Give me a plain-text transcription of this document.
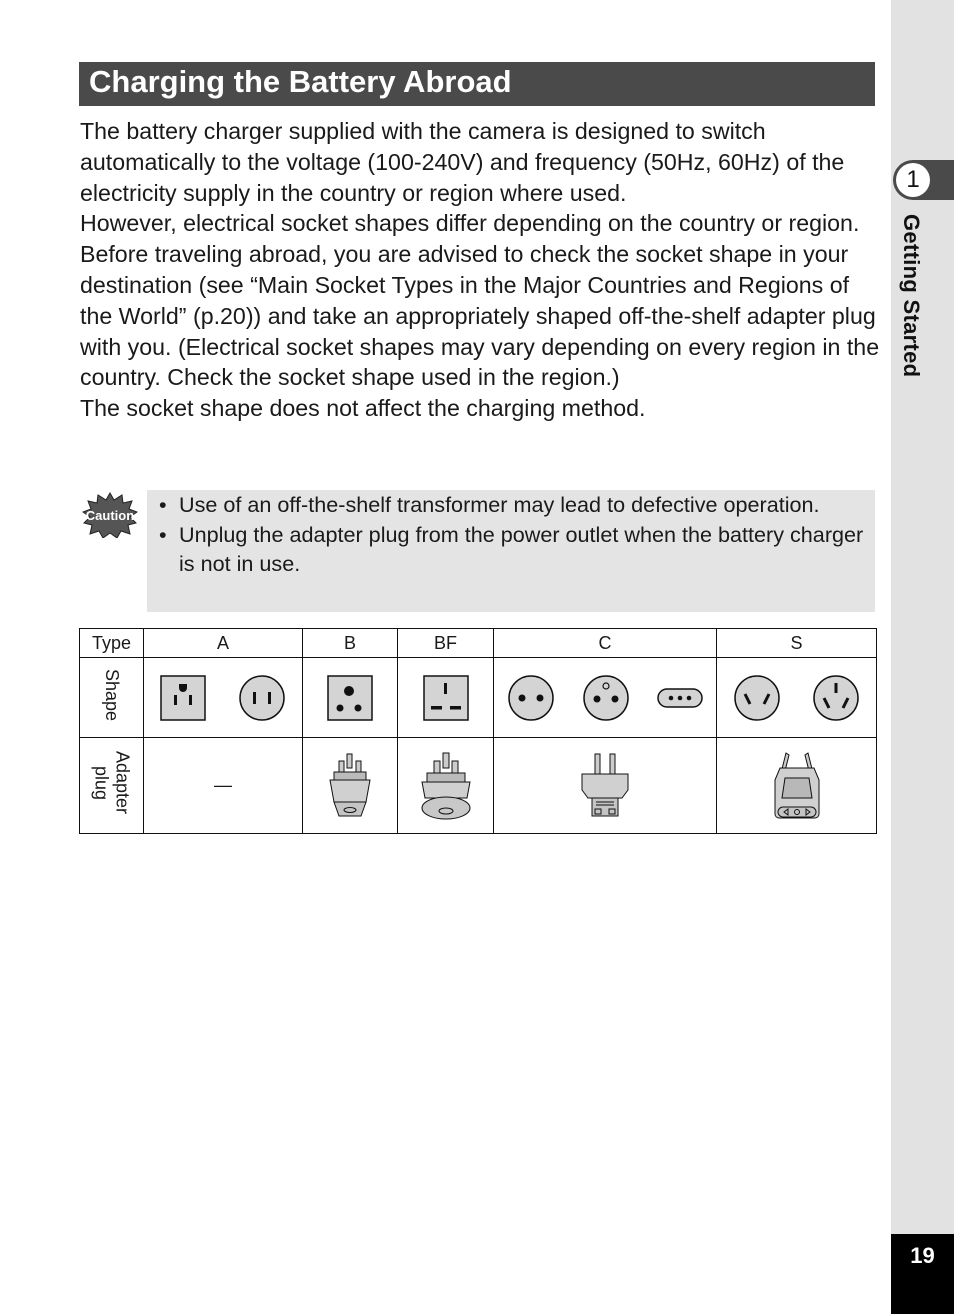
1
Getting Started
19
Charging the Battery Abroad

The battery charger supplied with the camera is designed to switch automatically to the voltage (100-240V) and frequency (50Hz, 60Hz) of the electricity supply in the country or region where used.

However, electrical socket shapes differ depending on the country or region. Before traveling abroad, you are advised to check the socket shape in your destination (see “Main Socket Types in the Major Countries and Regions of the World” (p.20)) and take an appropriately shaped off-the-shelf adapter plug with you. (Electrical socket shapes may vary depending on every region in the country. Check the socket shape used in the region.)

The socket shape does not affect the charging method.

Caution	• Use of an off-the-shelf transformer may lead to defective operation.
• Unplug the adapter plug from the power outlet when the battery charger is not in use.
Type	A	B	BF	C	S
Shape	

Adapter plug	—	
